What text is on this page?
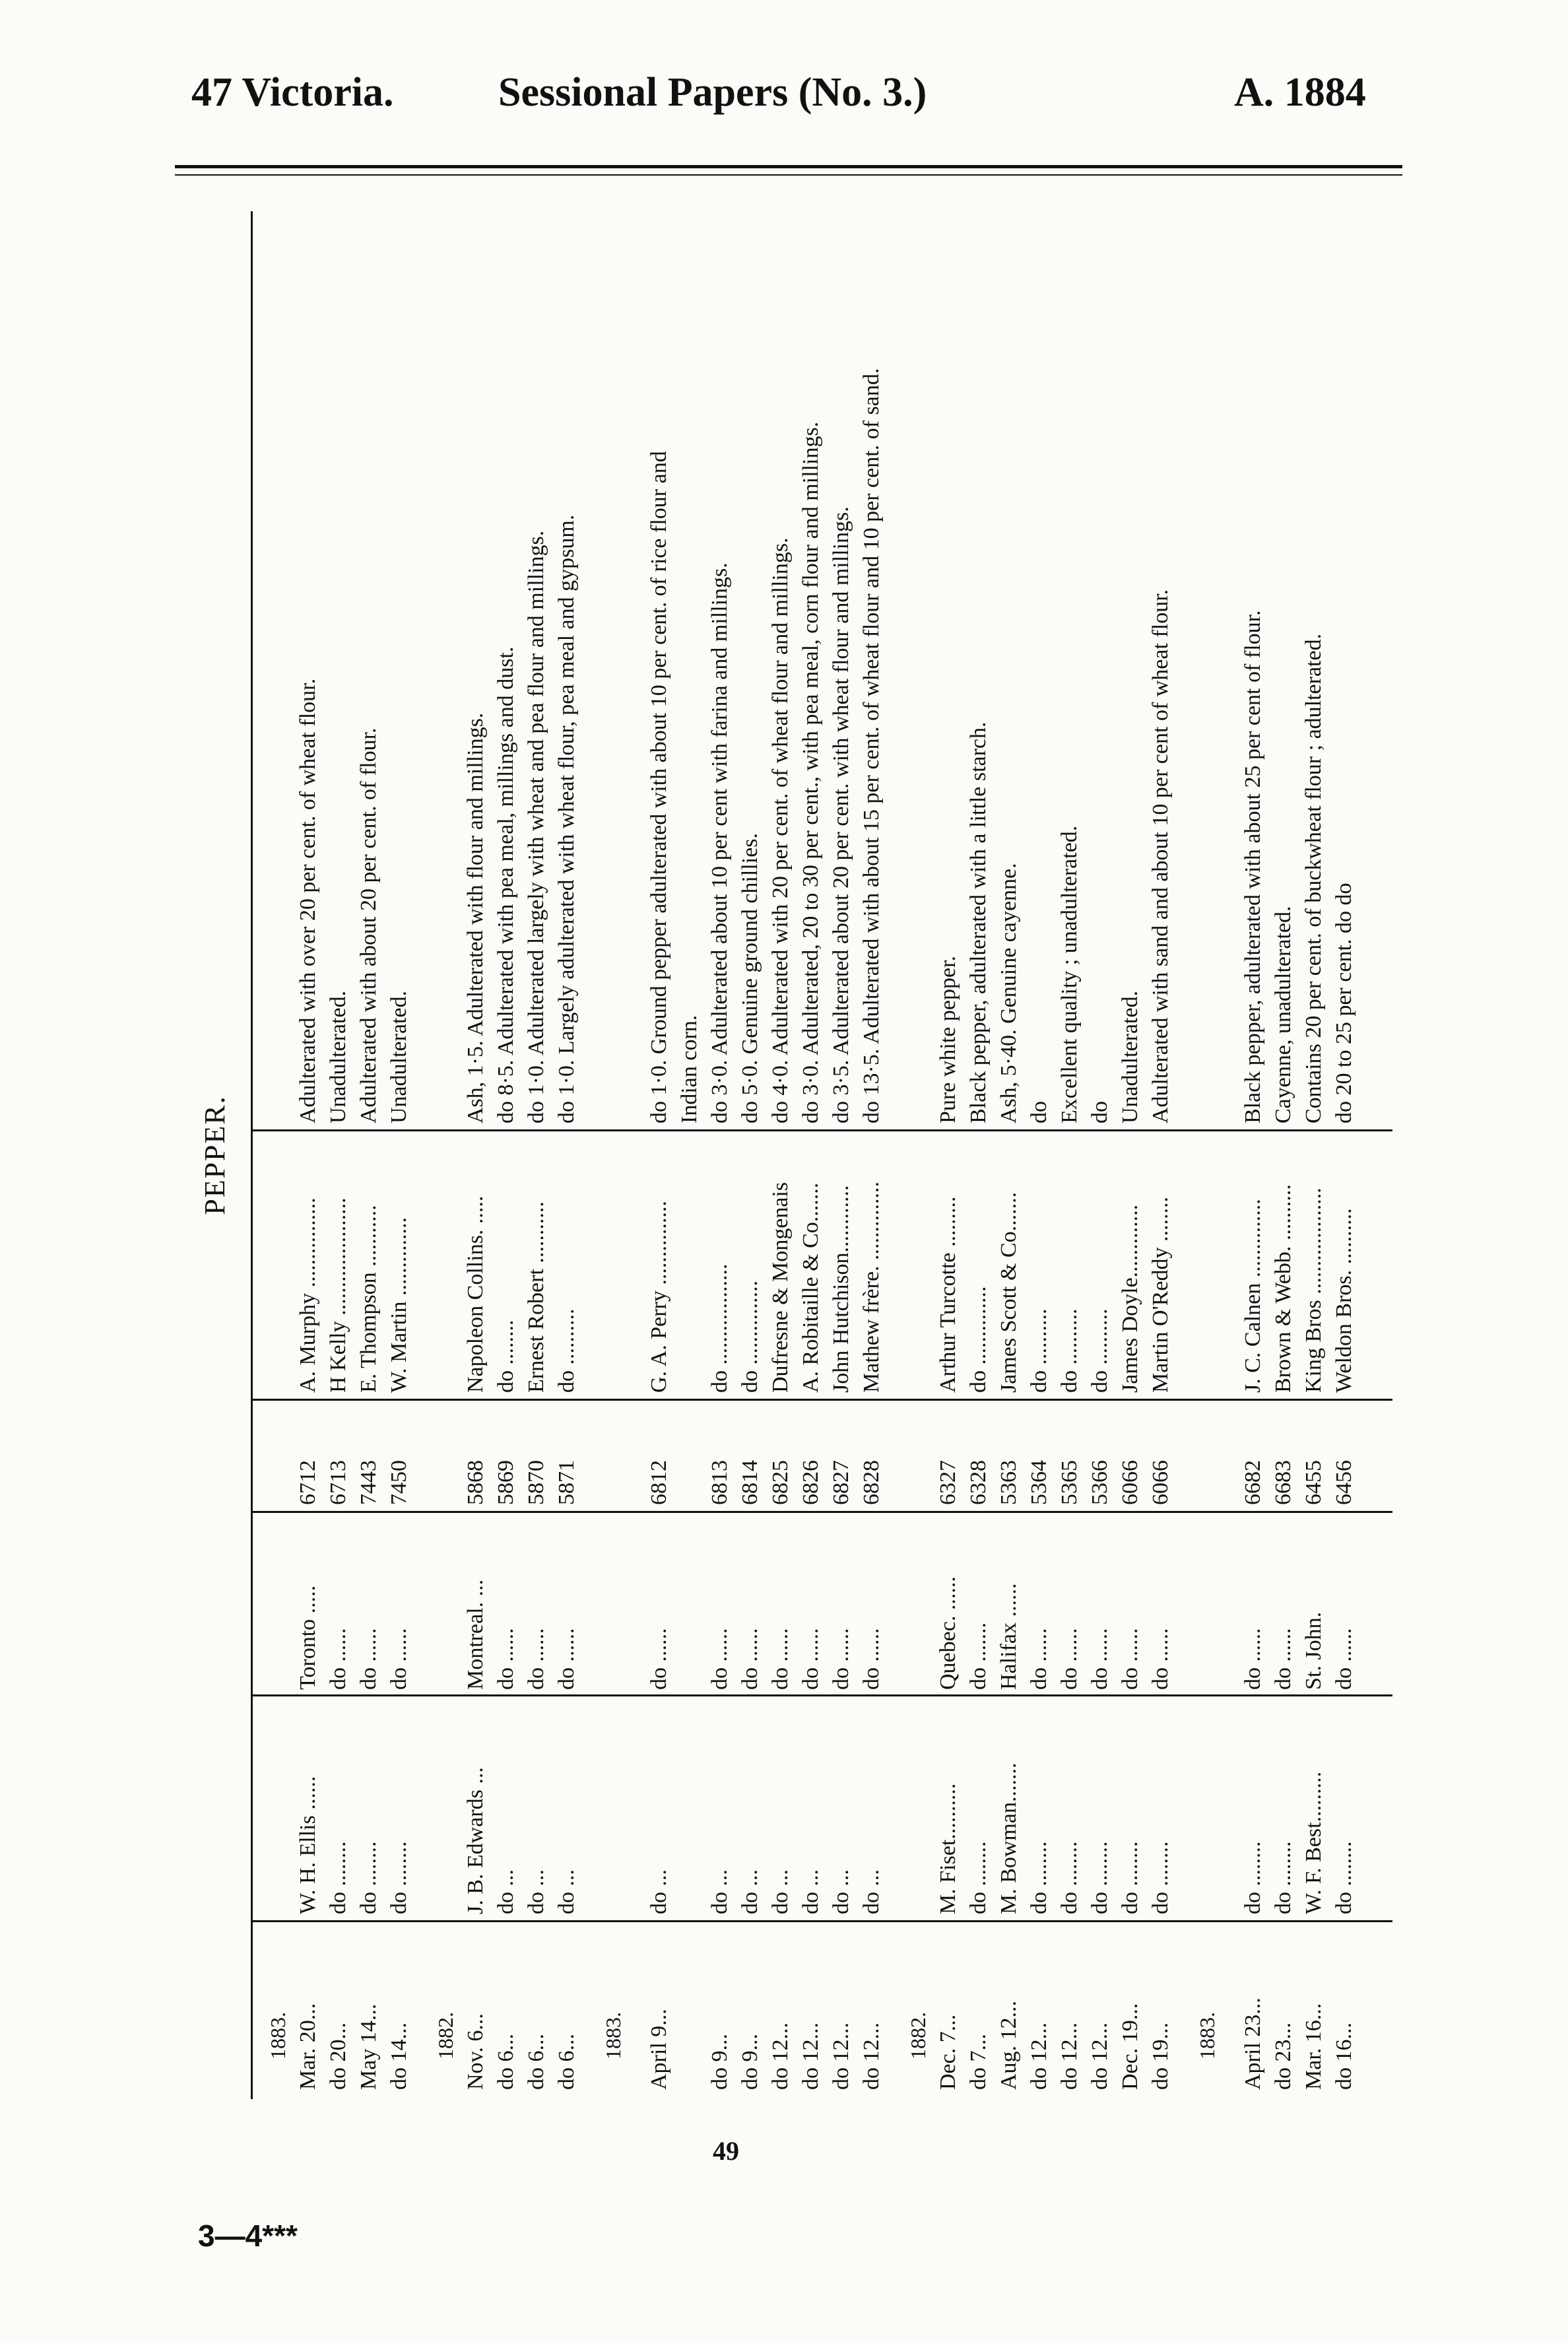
47 Victoria.	Sessional Papers (No. 3.)	A. 1884
PEPPER.
1883. Mar. 20...
W. H. Ellis ......
Toronto .....
6712
A. Murphy ................
Adulterated with over 20 per cent. of wheat flour.
do 20...
do ........
do ......
6713
H Kelly .....................
Unadulterated.
May 14...
do ........
do ......
7443
E. Thompson ...........
Adulterated with about 20 per cent. of flour.
do 14...
do ........
do ......
7450
W. Martin ..............
Unadulterated.
1882. Nov. 6...
J. B. Edwards ...
Montreal. ...
5868
Napoleon Collins. .....
Ash, 1·5. Adulterated with flour and millings.
do 6...
do ...
do ......
5869
do ........
do 8·5. Adulterated with pea meal, millings and dust.
do 6...
do ...
do ......
5870
Ernest Robert ...........
do 1·0. Adulterated largely with wheat and pea flour and millings.
do 6...
do ...
do ......
5871
do ..........
do 1·0. Largely adulterated with wheat flour, pea meal and gypsum.
1883. April 9...
do ...
do ......
6812
G. A. Perry ...............
do 1·0. Ground pepper adulterated with about 10 per cent. of rice flour and Indian corn.
do 9...
do ...
do ......
6813
do ..................
do 3·0. Adulterated about 10 per cent with farina and millings.
do 9...
do ...
do ......
6814
do ...............
do 5·0. Genuine ground chillies.
do 12...
do ...
do ......
6825
Dufresne & Mongenais
do 4·0. Adulterated with 20 per cent. of wheat flour and millings.
do 12...
do ...
do ......
6826
A. Robitaille & Co.......
do 3·0. Adulterated, 20 to 30 per cent., with pea meal, corn flour and millings.
do 12...
do ...
do ......
6827
John Hutchison............
do 3·5. Adulterated about 20 per cent. with wheat flour and millings.
do 12...
do ...
do ......
6828
Mathew frère. ..............
do 13·5. Adulterated with about 15 per cent. of wheat flour and 10 per cent. of sand.
1882. Dec. 7...
M. Fiset..........
Quebec. ......
6327
Arthur Turcotte .........
Pure white pepper.
do 7...
do ........
do .......
6328
do ..............
Black pepper, adulterated with a little starch.
Aug. 12...
M. Bowman.......
Halifax ......
5363
James Scott & Co.......
Ash, 5·40. Genuine cayenne.
do 12...
do ........
do ......
5364
do ..........
do
do 12...
do ........
do ......
5365
do ..........
Excellent quality ; unadulterated.
do 12...
do ........
do ......
5366
do ..........
do
Dec. 19...
do ........
do ......
6066
James Doyle.............
Unadulterated.
do 19...
do ........
do ......
6066
Martin O'Reddy ........
Adulterated with sand and about 10 per cent of wheat flour.
1883. April 23...
do ........
do ......
6682
J. C. Calnen ..............
Black pepper, adulterated with about 25 per cent of flour.
do 23...
do ........
do ......
6683
Brown & Webb. ..........
Cayenne, unadulterated.
Mar. 16...
W. F. Best.........
St. John.
6455
King Bros ...................
Contains 20 per cent. of buckwheat flour ; adulterated.
do 16...
do ........
do ......
6456
Weldon Bros. ..........
do 20 to 25 per cent. do do
49
3—4***
